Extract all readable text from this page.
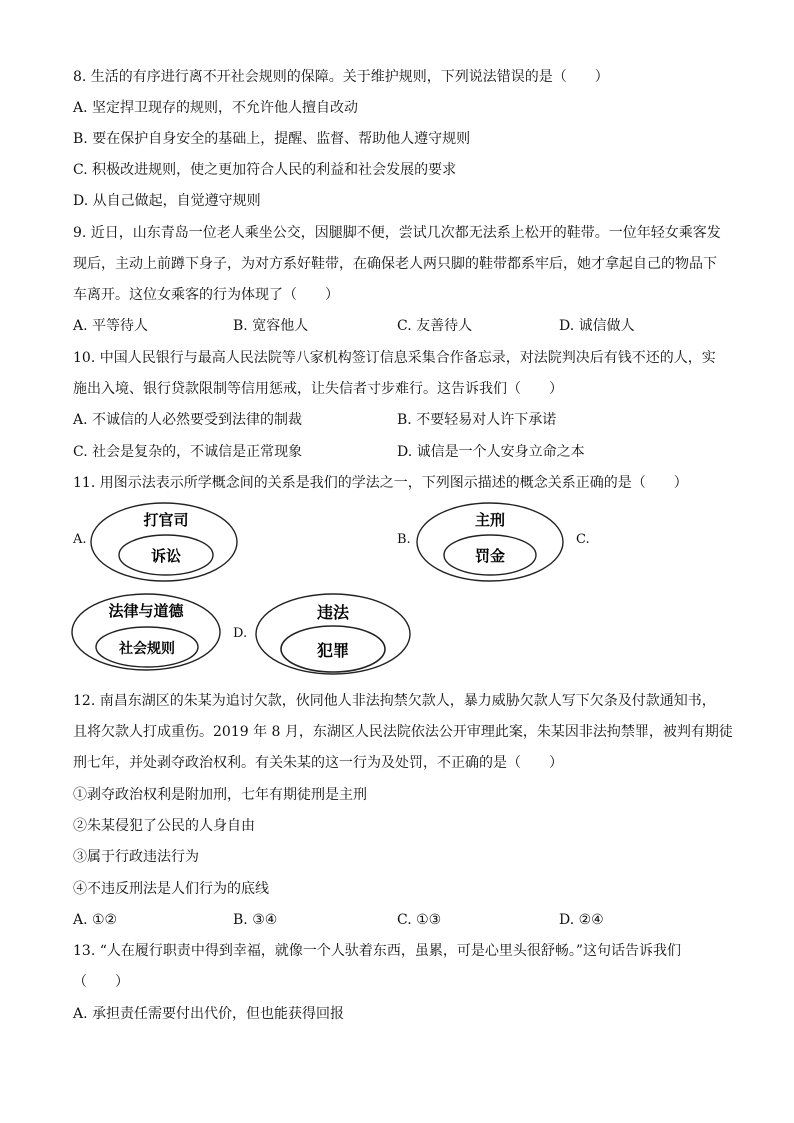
8. 生活的有序进行离不开社会规则的保障。关于维护规则，下列说法错误的是（　　）
A. 坚定捍卫现存的规则，不允许他人擅自改动
B. 要在保护自身安全的基础上，提醒、监督、帮助他人遵守规则
C. 积极改进规则，使之更加符合人民的利益和社会发展的要求
D. 从自己做起，自觉遵守规则
9. 近日，山东青岛一位老人乘坐公交，因腿脚不便，尝试几次都无法系上松开的鞋带。一位年轻女乘客发
现后，主动上前蹲下身子，为对方系好鞋带，在确保老人两只脚的鞋带都系牢后，她才拿起自己的物品下
车离开。这位女乘客的行为体现了（　　）
A. 平等待人	B. 宽容他人	C. 友善待人	D. 诚信做人
10. 中国人民银行与最高人民法院等八家机构签订信息采集合作备忘录，对法院判决后有钱不还的人，实
施出入境、银行贷款限制等信用惩戒，让失信者寸步难行。这告诉我们（　　）
A. 不诚信的人必然要受到法律的制裁	B. 不要轻易对人许下承诺
C. 社会是复杂的，不诚信是正常现象	D. 诚信是一个人安身立命之本
11. 用图示法表示所学概念间的关系是我们的学法之一，下列图示描述的概念关系正确的是（　　）
A.	B.	C.
D.
打官司
诉讼
主刑
罚金
法律与道德
社会规则
违法
犯罪
12. 南昌东湖区的朱某为追讨欠款，伙同他人非法拘禁欠款人，暴力威胁欠款人写下欠条及付款通知书，
且将欠款人打成重伤。2019 年 8 月，东湖区人民法院依法公开审理此案，朱某因非法拘禁罪，被判有期徒
刑七年，并处剥夺政治权利。有关朱某的这一行为及处罚，不正确的是（　　）
①剥夺政治权利是附加刑，七年有期徒刑是主刑
②朱某侵犯了公民的人身自由
③属于行政违法行为
④不违反刑法是人们行为的底线
A. ①②	B. ③④	C. ①③	D. ②④
13. “人在履行职责中得到幸福，就像一个人驮着东西，虽累，可是心里头很舒畅。”这句话告诉我们
（　　）
A. 承担责任需要付出代价，但也能获得回报
